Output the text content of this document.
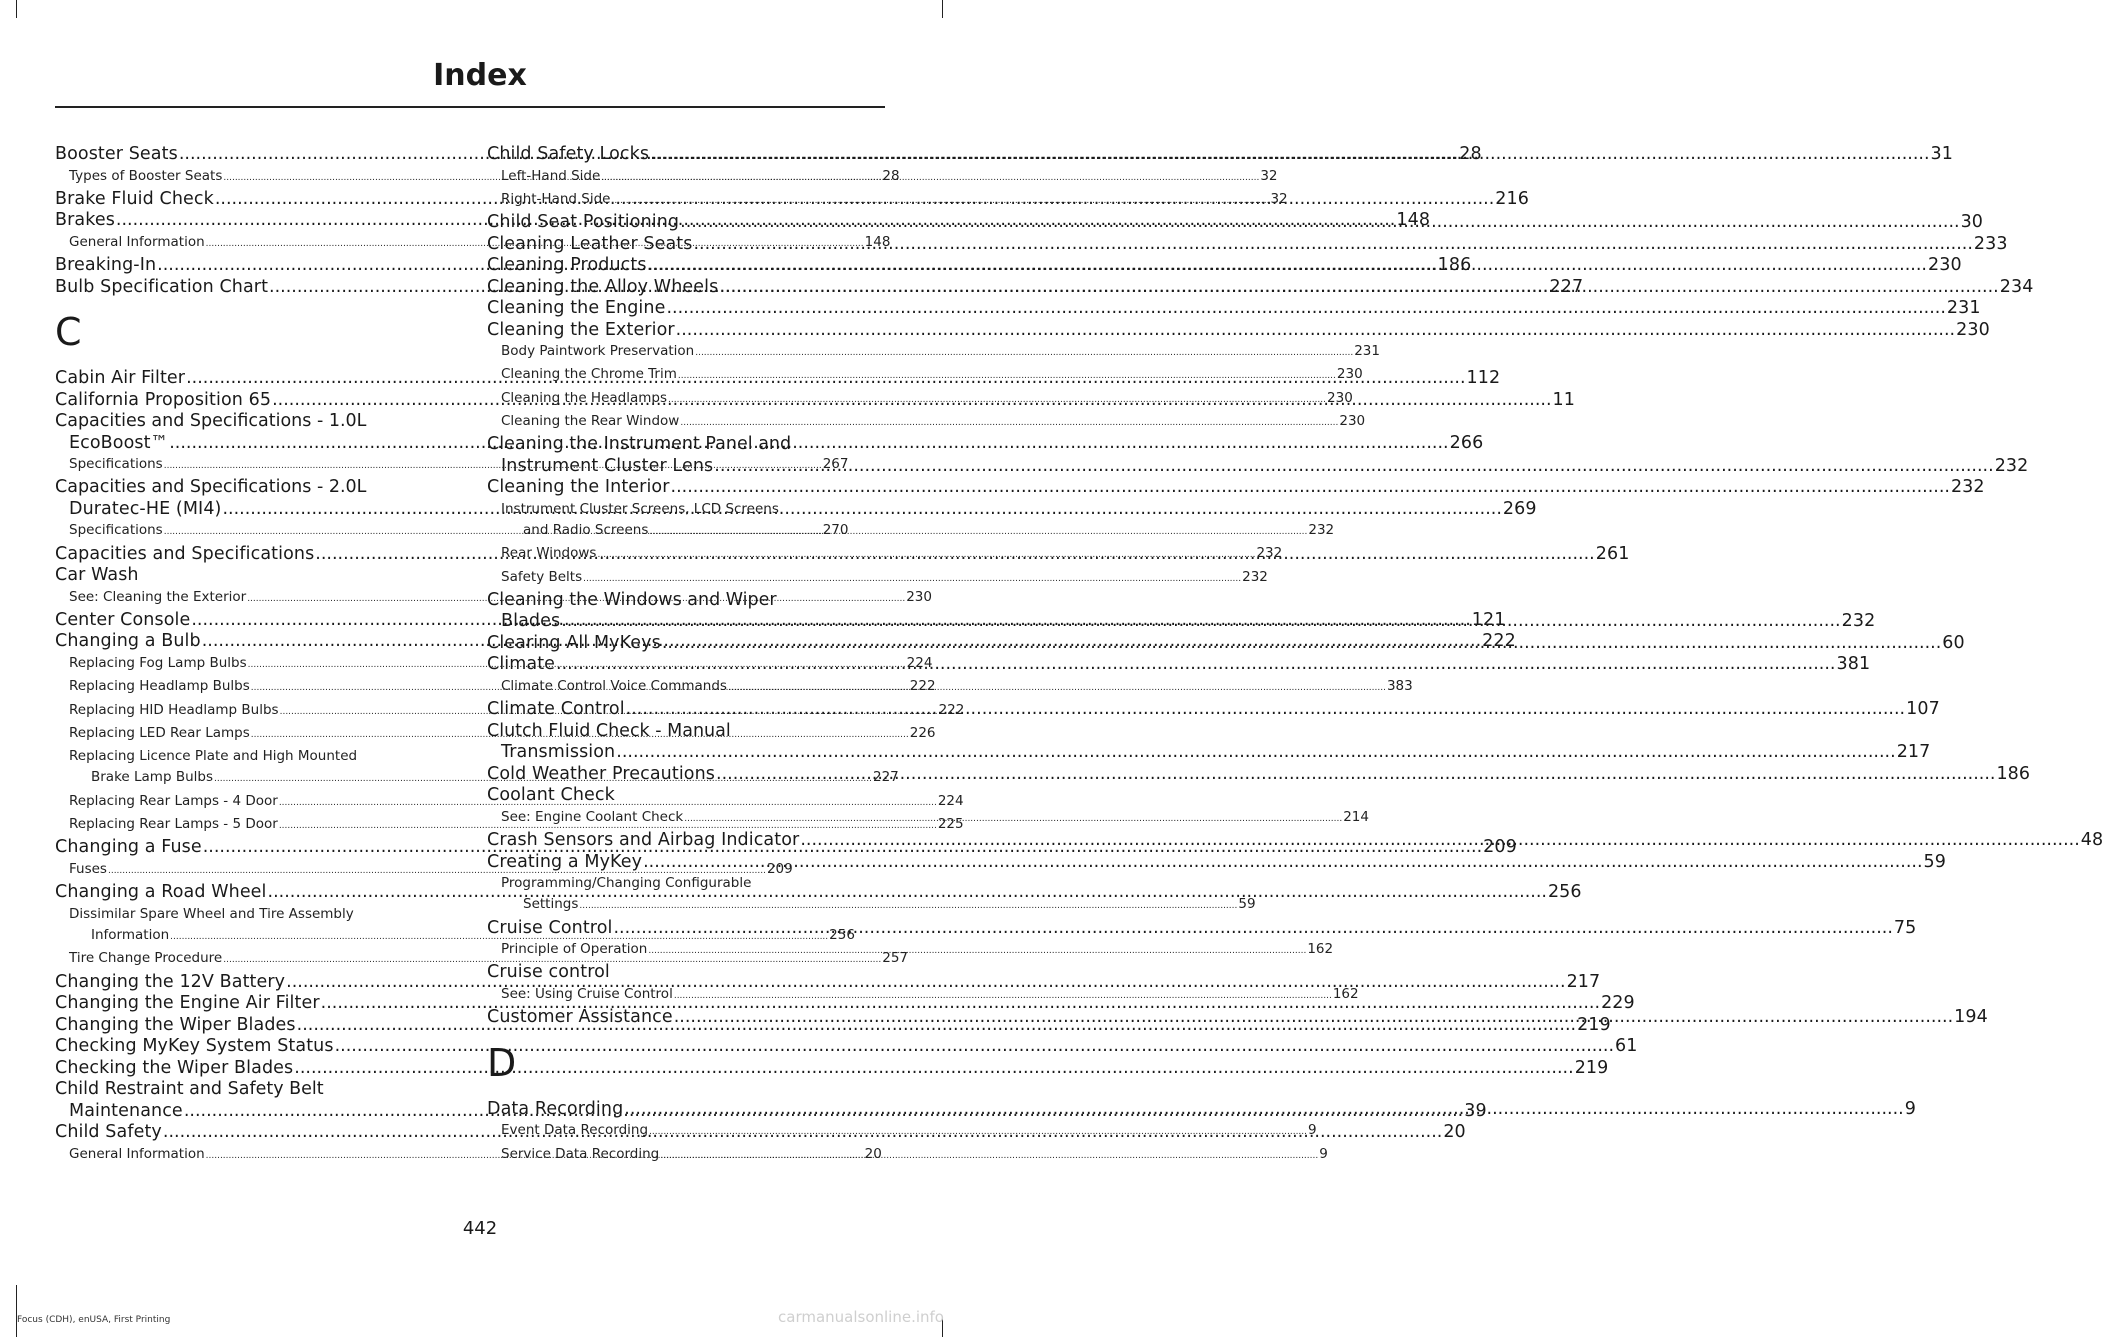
Index
Booster Seats .....	28
Types of Booster Seats .....	28
Brake Fluid Check .....	216
Brakes .....	148
General Information .....	148
Breaking-In .....	186
Bulb Specification Chart .....	227
C
Cabin Air Filter .....	112
California Proposition 65 .....	11
Capacities and Specifications - 1.0L
EcoBoost™ .....	266
Specifications .....	267
Capacities and Specifications - 2.0L
Duratec-HE (MI4) .....	269
Specifications .....	270
Capacities and Specifications .....	261
Car Wash
See: Cleaning the Exterior .....	230
Center Console .....	121
Changing a Bulb .....	222
Replacing Fog Lamp Bulbs .....	224
Replacing Headlamp Bulbs .....	222
Replacing HID Headlamp Bulbs .....	222
Replacing LED Rear Lamps .....	226
Replacing Licence Plate and High Mounted
Brake Lamp Bulbs .....	227
Replacing Rear Lamps - 4 Door .....	224
Replacing Rear Lamps - 5 Door .....	225
Changing a Fuse .....	209
Fuses .....	209
Changing a Road Wheel .....	256
Dissimilar Spare Wheel and Tire Assembly
Information .....	256
Tire Change Procedure .....	257
Changing the 12V Battery .....	217
Changing the Engine Air Filter .....	229
Changing the Wiper Blades .....	219
Checking MyKey System Status .....	61
Checking the Wiper Blades .....	219
Child Restraint and Safety Belt
Maintenance .....	39
Child Safety .....	20
General Information .....	20
Child Safety Locks .....	31
Left-Hand Side .....	32
Right-Hand Side .....	32
Child Seat Positioning .....	30
Cleaning Leather Seats .....	233
Cleaning Products .....	230
Cleaning the Alloy Wheels .....	234
Cleaning the Engine .....	231
Cleaning the Exterior .....	230
Body Paintwork Preservation .....	231
Cleaning the Chrome Trim .....	230
Cleaning the Headlamps .....	230
Cleaning the Rear Window .....	230
Cleaning the Instrument Panel and
Instrument Cluster Lens .....	232
Cleaning the Interior .....	232
Instrument Cluster Screens, LCD Screens
and Radio Screens .....	232
Rear Windows .....	232
Safety Belts .....	232
Cleaning the Windows and Wiper
Blades .....	232
Clearing All MyKeys .....	60
Climate .....	381
Climate Control Voice Commands .....	383
Climate Control .....	107
Clutch Fluid Check - Manual
Transmission .....	217
Cold Weather Precautions .....	186
Coolant Check
See: Engine Coolant Check .....	214
Crash Sensors and Airbag Indicator .....	48
Creating a MyKey .....	59
Programming/Changing Configurable
Settings .....	59
Cruise Control .....	75
Principle of Operation .....	162
Cruise control
See: Using Cruise Control .....	162
Customer Assistance .....	194
D
Data Recording .....	9
Event Data Recording .....	9
Service Data Recording .....	9
442
Focus (CDH), enUSA, First Printing	carmanualsonline.info
